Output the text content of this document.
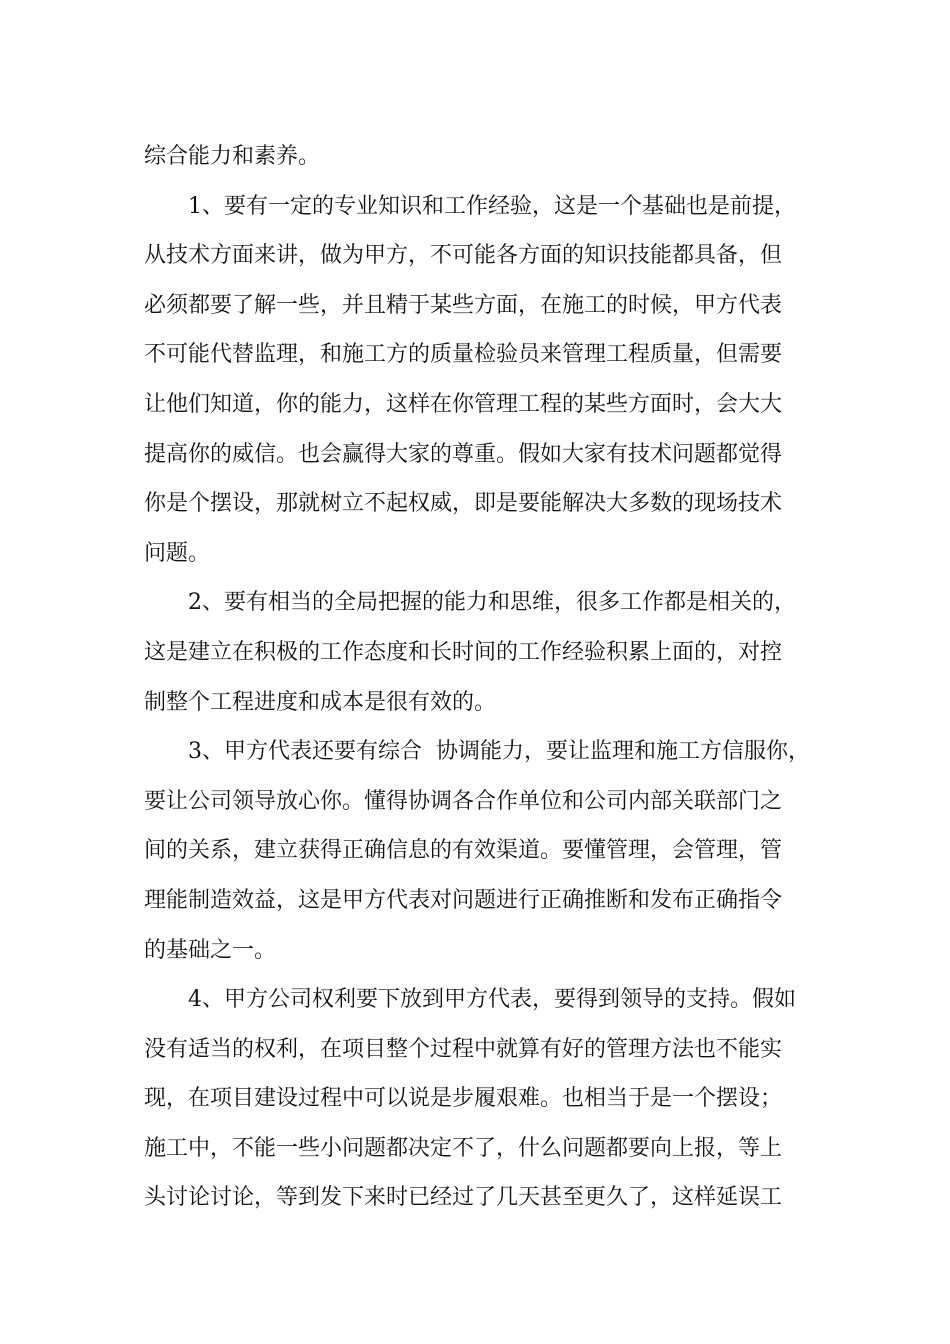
综合能力和素养。
1、要有一定的专业知识和工作经验，这是一个基础也是前提，
从技术方面来讲，做为甲方，不可能各方面的知识技能都具备，但
必须都要了解一些，并且精于某些方面，在施工的时候，甲方代表
不可能代替监理，和施工方的质量检验员来管理工程质量，但需要
让他们知道，你的能力，这样在你管理工程的某些方面时，会大大
提高你的威信。也会赢得大家的尊重。假如大家有技术问题都觉得
你是个摆设，那就树立不起权威，即是要能解决大多数的现场技术
问题。
2、要有相当的全局把握的能力和思维，很多工作都是相关的，
这是建立在积极的工作态度和长时间的工作经验积累上面的，对控
制整个工程进度和成本是很有效的。
3、甲方代表还要有综合  协调能力，要让监理和施工方信服你，
要让公司领导放心你。懂得协调各合作单位和公司内部关联部门之
间的关系，建立获得正确信息的有效渠道。要懂管理，会管理，管
理能制造效益，这是甲方代表对问题进行正确推断和发布正确指令
的基础之一。
4、甲方公司权利要下放到甲方代表，要得到领导的支持。假如
没有适当的权利，在项目整个过程中就算有好的管理方法也不能实
现，在项目建设过程中可以说是步履艰难。也相当于是一个摆设；
施工中，不能一些小问题都决定不了，什么问题都要向上报，等上
头讨论讨论，等到发下来时已经过了几天甚至更久了，这样延误工
